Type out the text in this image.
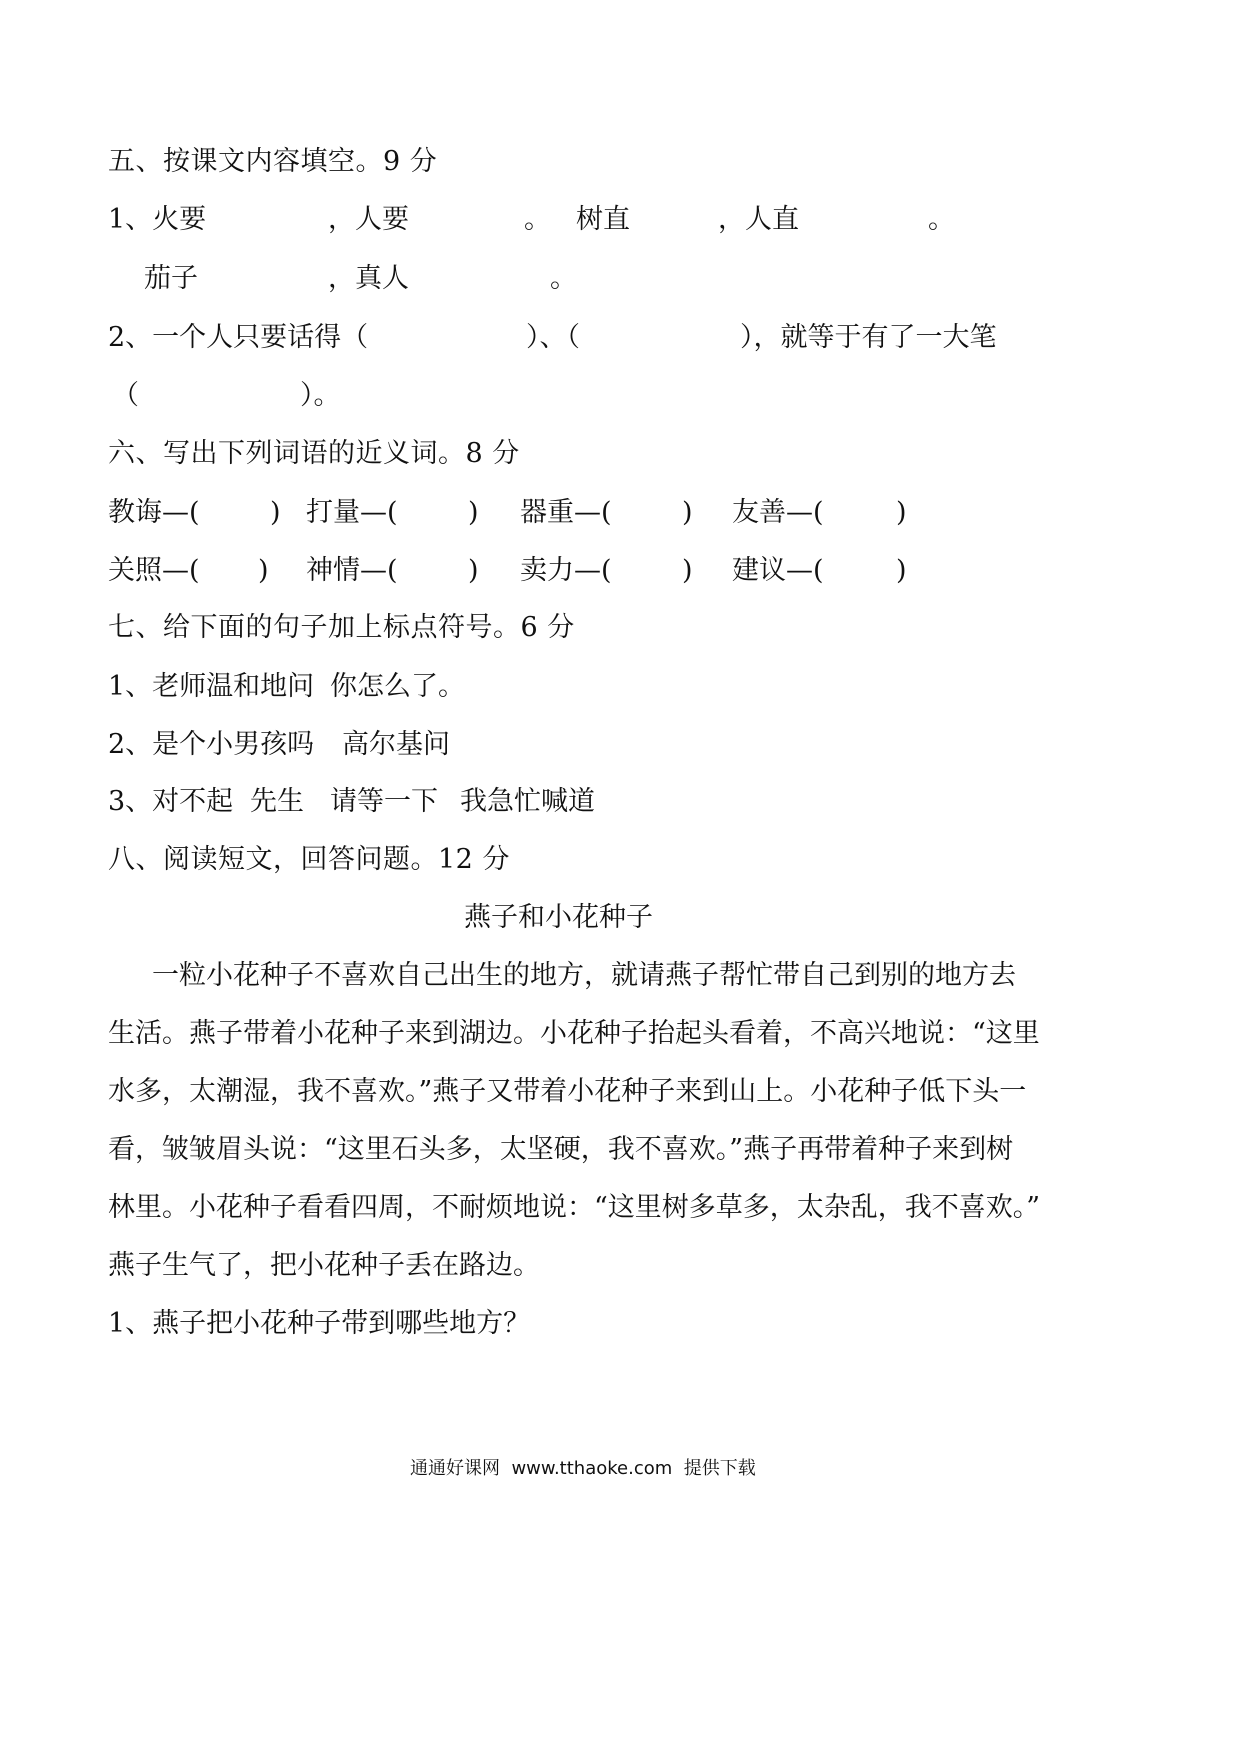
五、按课文内容填空。9 分
1、火要	，人要	。 树直	，人直	。
茄子	，真人	。
2、一个人只要话得（	）、（	），就等于有了一大笔
（	）。
六、写出下列词语的近义词。8 分
教诲—(	) 打量—(	) 器重—(	) 友善—(	)
关照—( ) 神情—(	) 卖力—(	) 建议—(	)
七、给下面的句子加上标点符号。6 分
1、老师温和地问 你怎么了。
2、是个小男孩吗 高尔基问
3、对不起 先生 请等一下 我急忙喊道
八、阅读短文，回答问题。12 分
燕子和小花种子
一粒小花种子不喜欢自己出生的地方，就请燕子帮忙带自己到别的地方去
生活。燕子带着小花种子来到湖边。小花种子抬起头看着，不高兴地说：“这里
水多，太潮湿，我不喜欢。”燕子又带着小花种子来到山上。小花种子低下头一
看，皱皱眉头说：“这里石头多，太坚硬，我不喜欢。”燕子再带着种子来到树
林里。小花种子看看四周，不耐烦地说：“这里树多草多，太杂乱，我不喜欢。”
燕子生气了，把小花种子丢在路边。
1、燕子把小花种子带到哪些地方？
通通好课网  www.tthaoke.com  提供下载
